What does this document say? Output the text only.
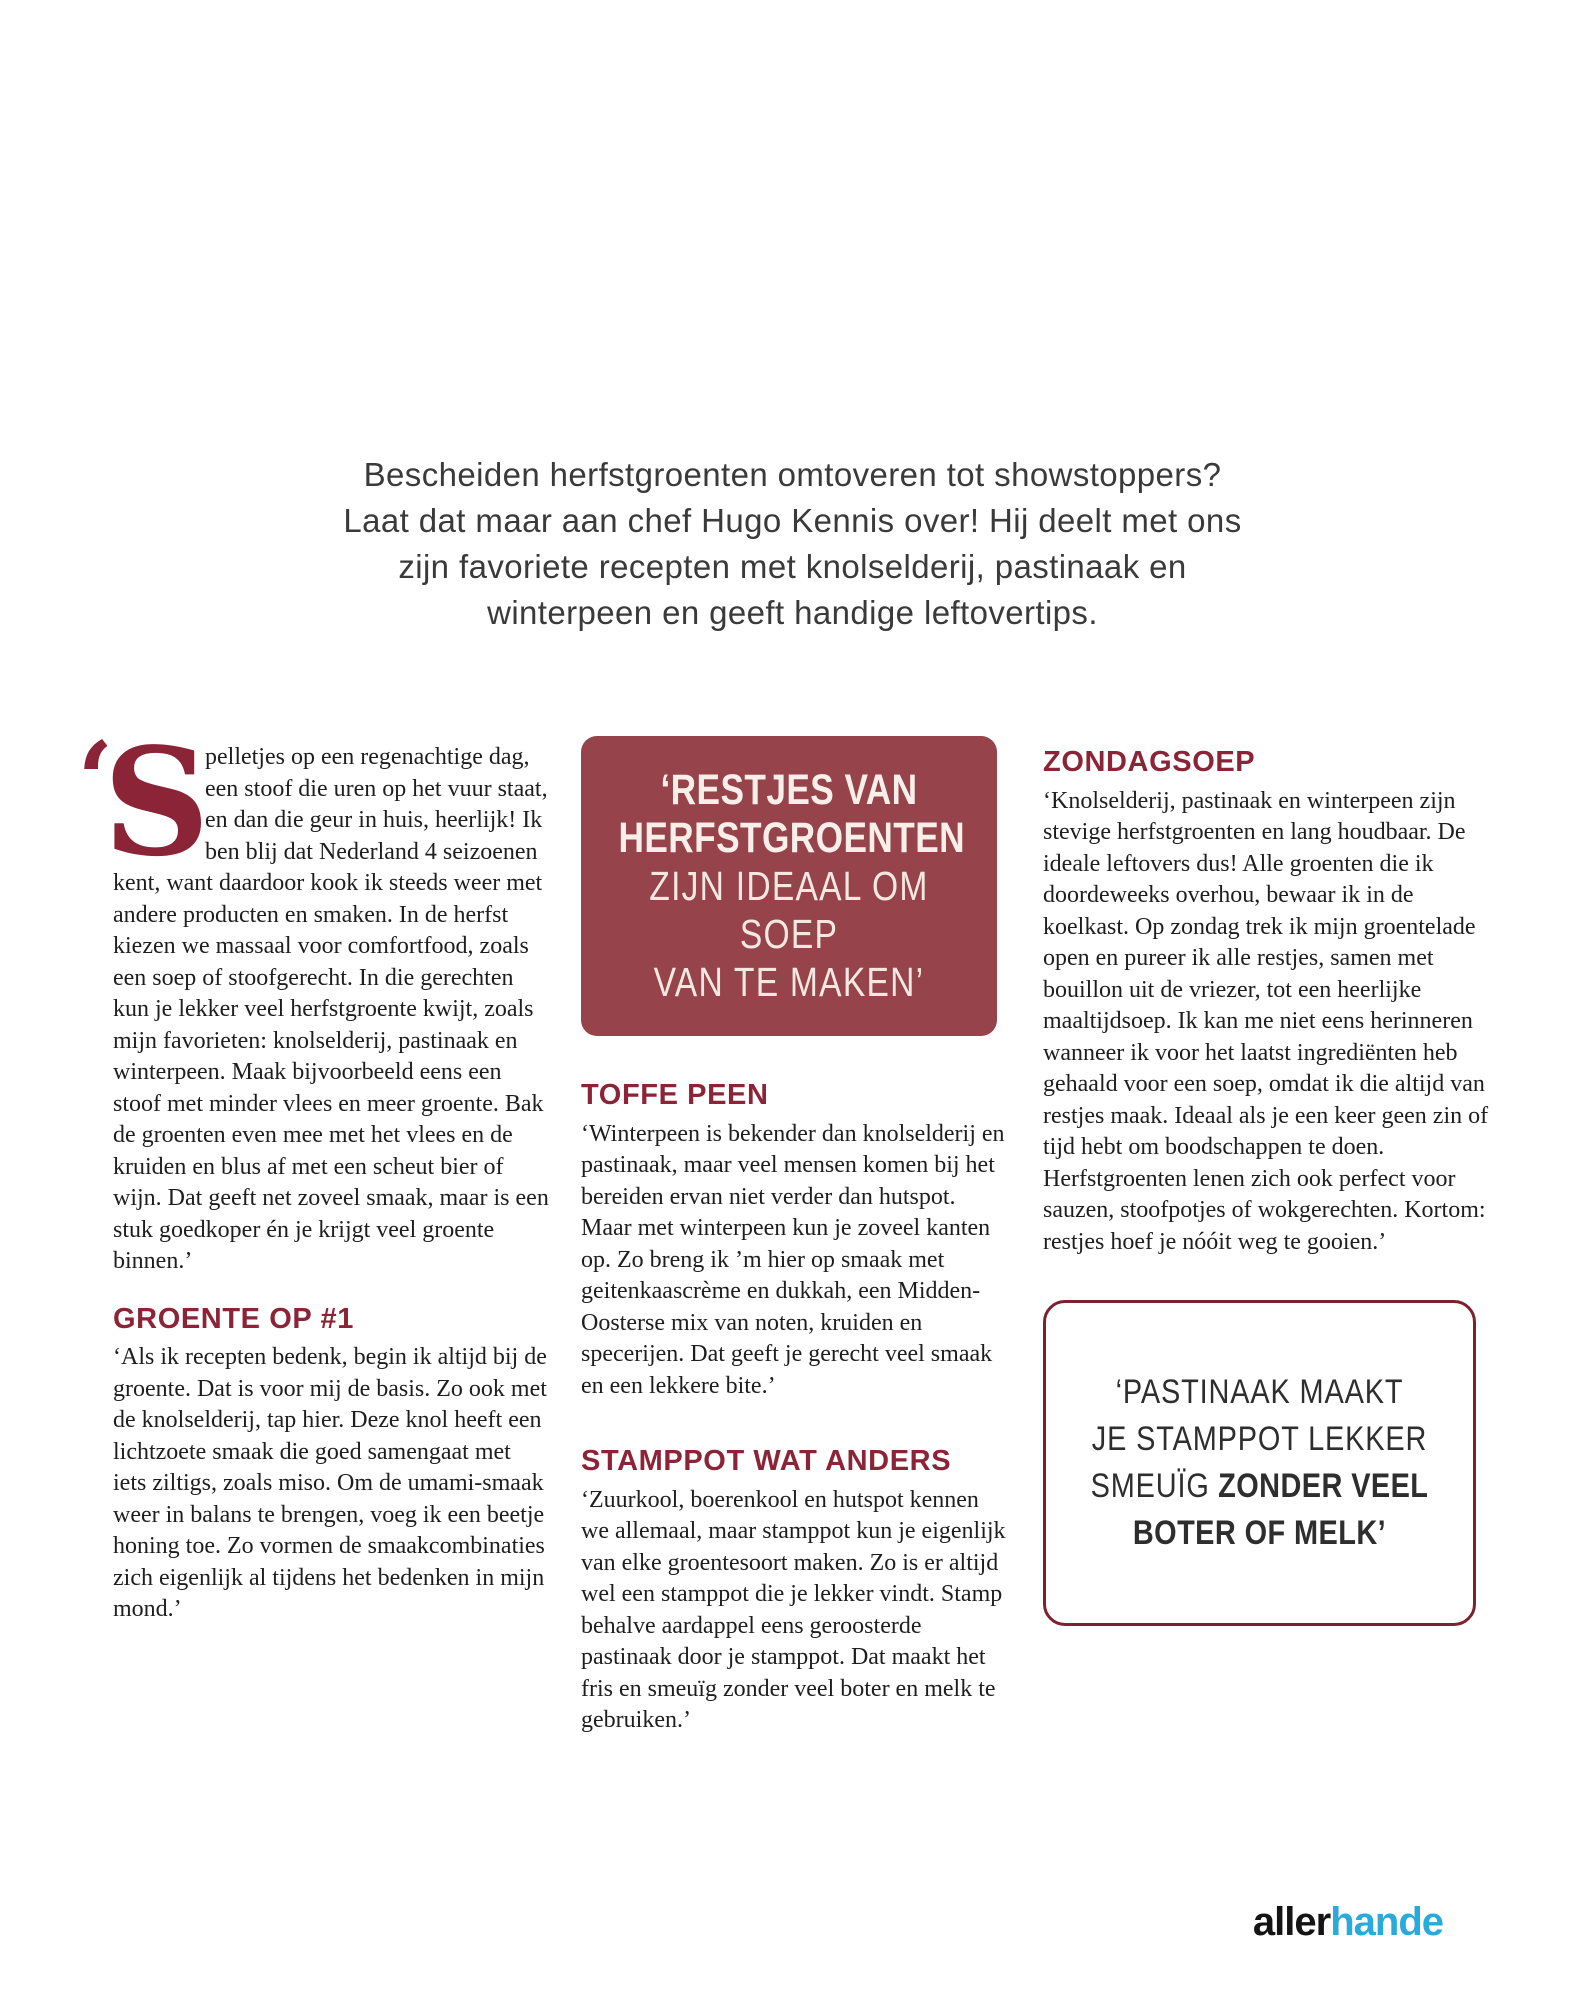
Bescheiden herfstgroenten omtoveren tot showstoppers?
Laat dat maar aan chef Hugo Kennis over! Hij deelt met ons
zijn favoriete recepten met knolselderij, pastinaak en
winterpeen en geeft handige leftovertips.

‘
S
pelletjes op een regenachtige dag, een stoof die uren op het vuur staat, en dan die geur in huis, heerlijk! Ik ben blij dat Nederland 4 seizoenen kent, want daardoor kook ik steeds weer met andere producten en smaken. In de herfst kiezen we massaal voor comfortfood, zoals een soep of stoofgerecht. In die gerechten kun je lekker veel herfstgroente kwijt, zoals mijn favorieten: knolselderij, pastinaak en winterpeen. Maak bijvoorbeeld eens een stoof met minder vlees en meer groente. Bak de groenten even mee met het vlees en de kruiden en blus af met een scheut bier of wijn. Dat geeft net zoveel smaak, maar is een stuk goedkoper én je krijgt veel groente binnen.’

GROENTE OP #1

‘Als ik recepten bedenk, begin ik altijd bij de groente. Dat is voor mij de basis. Zo ook met de knolselderij, tap hier. Deze knol heeft een lichtzoete smaak die goed samengaat met iets ziltigs, zoals miso. Om de umami-smaak weer in balans te brengen, voeg ik een beetje honing toe. Zo vormen de smaakcombinaties zich eigenlijk al tijdens het bedenken in mijn mond.’

‘RESTJES VAN
HERFSTGROENTEN
ZIJN IDEAAL OM SOEP
VAN TE MAKEN’
TOFFE PEEN

‘Winterpeen is bekender dan knolselderij en pastinaak, maar veel mensen komen bij het bereiden ervan niet verder dan hutspot. Maar met winterpeen kun je zoveel kanten op. Zo breng ik ’m hier op smaak met geitenkaascrème en dukkah, een Midden-Oosterse mix van noten, kruiden en specerijen. Dat geeft je gerecht veel smaak en een lekkere bite.’

STAMPPOT WAT ANDERS

‘Zuurkool, boerenkool en hutspot kennen we allemaal, maar stamppot kun je eigenlijk van elke groentesoort maken. Zo is er altijd wel een stamppot die je lekker vindt. Stamp behalve aardappel eens geroosterde pastinaak door je stamppot. Dat maakt het fris en smeuïg zonder veel boter en melk te gebruiken.’

ZONDAGSOEP

‘Knolselderij, pastinaak en winterpeen zijn stevige herfstgroenten en lang houdbaar. De ideale leftovers dus! Alle groenten die ik doordeweeks overhou, bewaar ik in de koelkast. Op zondag trek ik mijn groentelade open en pureer ik alle restjes, samen met bouillon uit de vriezer, tot een heerlijke maaltijdsoep. Ik kan me niet eens herinneren wanneer ik voor het laatst ingrediënten heb gehaald voor een soep, omdat ik die altijd van restjes maak. Ideaal als je een keer geen zin of tijd hebt om boodschappen te doen. Herfstgroenten lenen zich ook perfect voor sauzen, stoofpotjes of wokgerechten. Kortom: restjes hoef je nóóit weg te gooien.’

‘PASTINAAK MAAKT
JE STAMPPOT LEKKER
SMEUÏG ZONDER VEEL
BOTER OF MELK’
allerhande
